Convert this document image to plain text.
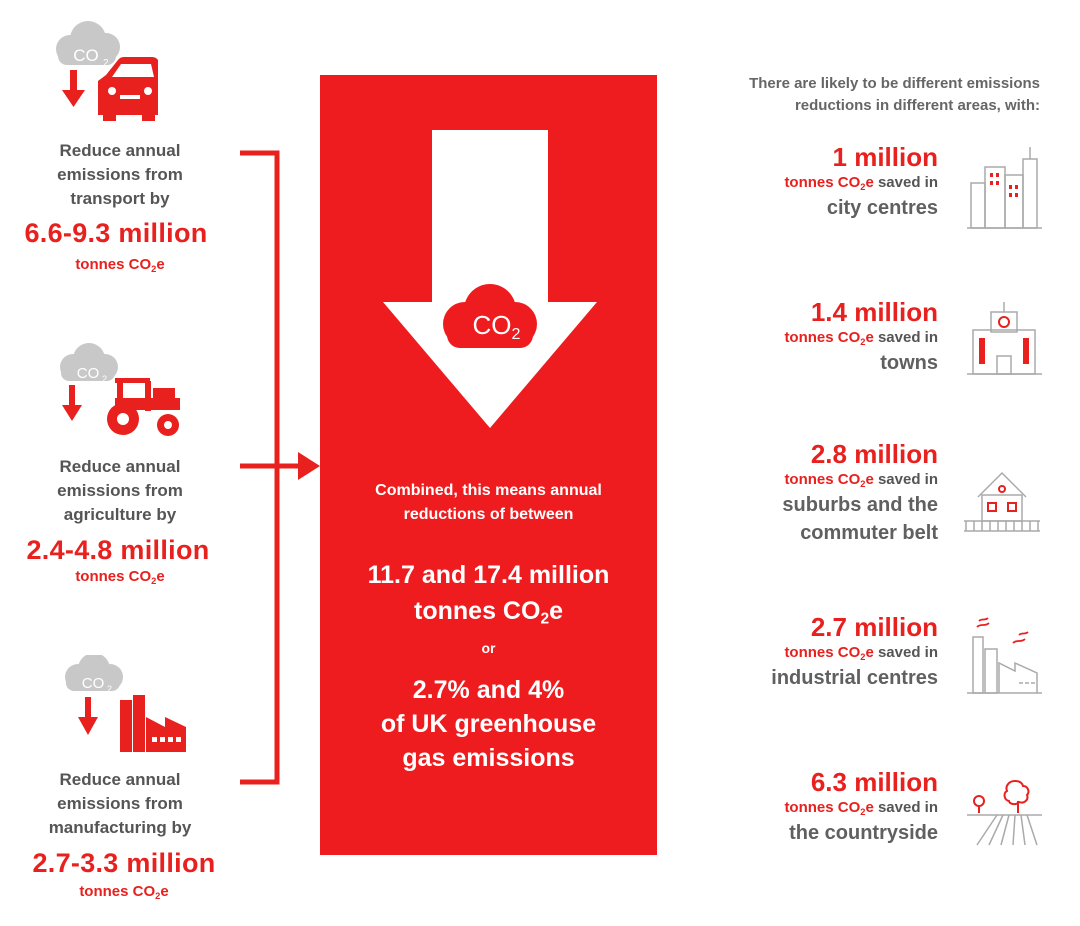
CO 2
Reduce annual
emissions from
transport by
6.6-9.3 million
tonnes $CO_2e$
CO 2
Reduce annual
emissions from
agriculture by
2.4-4.8 million
tonnes $CO_2e$
CO 2
Reduce annual
emissions from
manufacturing by
2.7-3.3 million
tonnes $CO_2e$
$CO_2$
Combined, this means annual
reductions of between
11.7 and 17.4 million
tonnes $CO_2e$
or
2.7% and 4%
of UK greenhouse
gas emissions
There are likely to be different emissions
reductions in different areas, with:
1 million
tonnes $CO_2e$ saved in
city centres
1.4 million
tonnes $CO_2e$ saved in
towns
2.8 million
tonnes $CO_2e$ saved in
suburbs and the
commuter belt
2.7 million
tonnes $CO_2e$ saved in
industrial centres
6.3 million
tonnes $CO_2e$ saved in
the countryside
